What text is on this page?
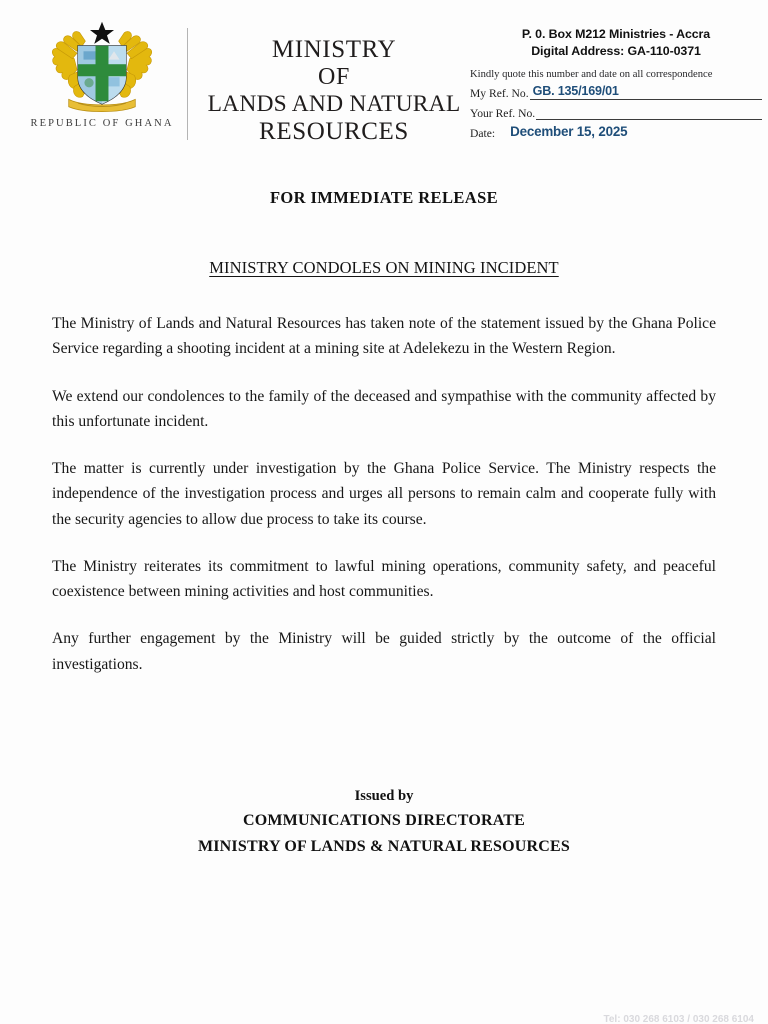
REPUBLIC OF GHANA
MINISTRY
OF
LANDS AND NATURAL
RESOURCES
P. 0. Box M212 Ministries - Accra
Digital Address: GA-110-0371
Kindly quote this number and date on all correspondence
My Ref. No. GB. 135/169/01
Your Ref. No.
Date:	December 15, 2025
FOR IMMEDIATE RELEASE
MINISTRY CONDOLES ON MINING INCIDENT

The Ministry of Lands and Natural Resources has taken note of the statement issued by the Ghana Police Service regarding a shooting incident at a mining site at Adelekezu in the Western Region.

We extend our condolences to the family of the deceased and sympathise with the community affected by this unfortunate incident.

The matter is currently under investigation by the Ghana Police Service. The Ministry respects the independence of the investigation process and urges all persons to remain calm and cooperate fully with the security agencies to allow due process to take its course.

The Ministry reiterates its commitment to lawful mining operations, community safety, and peaceful coexistence between mining activities and host communities.

Any further engagement by the Ministry will be guided strictly by the outcome of the official investigations.

Issued by
COMMUNICATIONS DIRECTORATE
MINISTRY OF LANDS & NATURAL RESOURCES
Tel: 030 268 6103 / 030 268 6104
